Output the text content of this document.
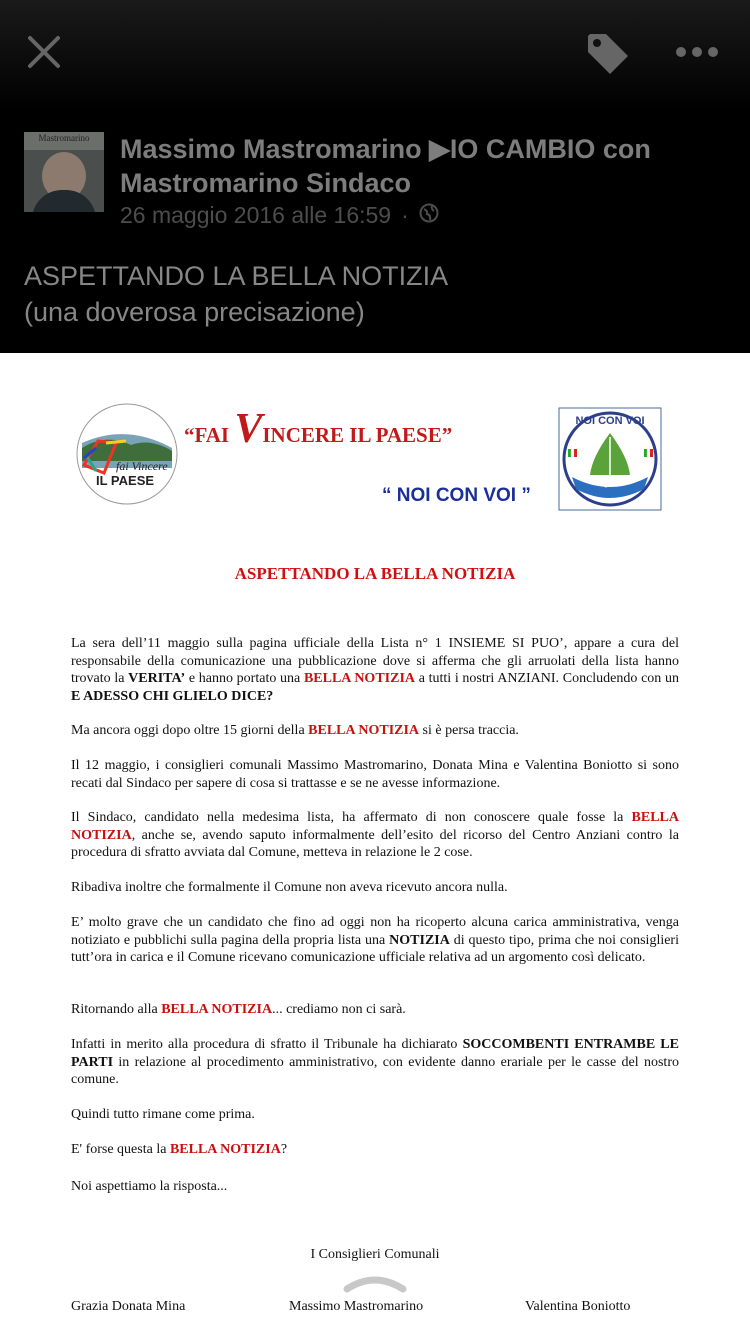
Mastromarino	Massimo Mastromarino ▶IO CAMBIO con Mastromarino Sindaco
26 maggio 2016 alle 16:59 ·
ASPETTANDO LA BELLA NOTIZIA
(una doverosa precisazione)
fai Vincere
IL PAESE
“FAI VINCERE IL PAESE”
“ NOI CON VOI ”
NOI CON VOI
ASPETTANDO LA BELLA NOTIZIA
La sera dell’11 maggio sulla pagina ufficiale della Lista n° 1 INSIEME SI PUO’, appare a cura del responsabile della comunicazione una pubblicazione dove si afferma che gli arruolati della lista hanno trovato la VERITA’ e hanno portato una BELLA NOTIZIA a tutti i nostri ANZIANI. Concludendo con un E ADESSO CHI GLIELO DICE?
Ma ancora oggi dopo oltre 15 giorni della BELLA NOTIZIA si è persa traccia.
Il 12 maggio, i consiglieri comunali Massimo Mastromarino, Donata Mina e Valentina Boniotto si sono recati dal Sindaco per sapere di cosa si trattasse e se ne avesse informazione.
Il Sindaco, candidato nella medesima lista, ha affermato di non conoscere quale fosse la BELLA NOTIZIA, anche se, avendo saputo informalmente dell’esito del ricorso del Centro Anziani contro la procedura di sfratto avviata dal Comune, metteva in relazione le 2 cose.
Ribadiva inoltre che formalmente il Comune non aveva ricevuto ancora nulla.
E’ molto grave che un candidato che fino ad oggi non ha ricoperto alcuna carica amministrativa, venga notiziato e pubblichi sulla pagina della propria lista una NOTIZIA di questo tipo, prima che noi consiglieri tutt’ora in carica e il Comune ricevano comunicazione ufficiale relativa ad un argomento così delicato.
Ritornando alla BELLA NOTIZIA... crediamo non ci sarà.
Infatti in merito alla procedura di sfratto il Tribunale ha dichiarato SOCCOMBENTI ENTRAMBE LE PARTI in relazione al procedimento amministrativo, con evidente danno erariale per le casse del nostro comune.
Quindi tutto rimane come prima.
E' forse questa la BELLA NOTIZIA?
Noi aspettiamo la risposta...
I Consiglieri Comunali
Grazia Donata Mina	Massimo Mastromarino	Valentina Boniotto
